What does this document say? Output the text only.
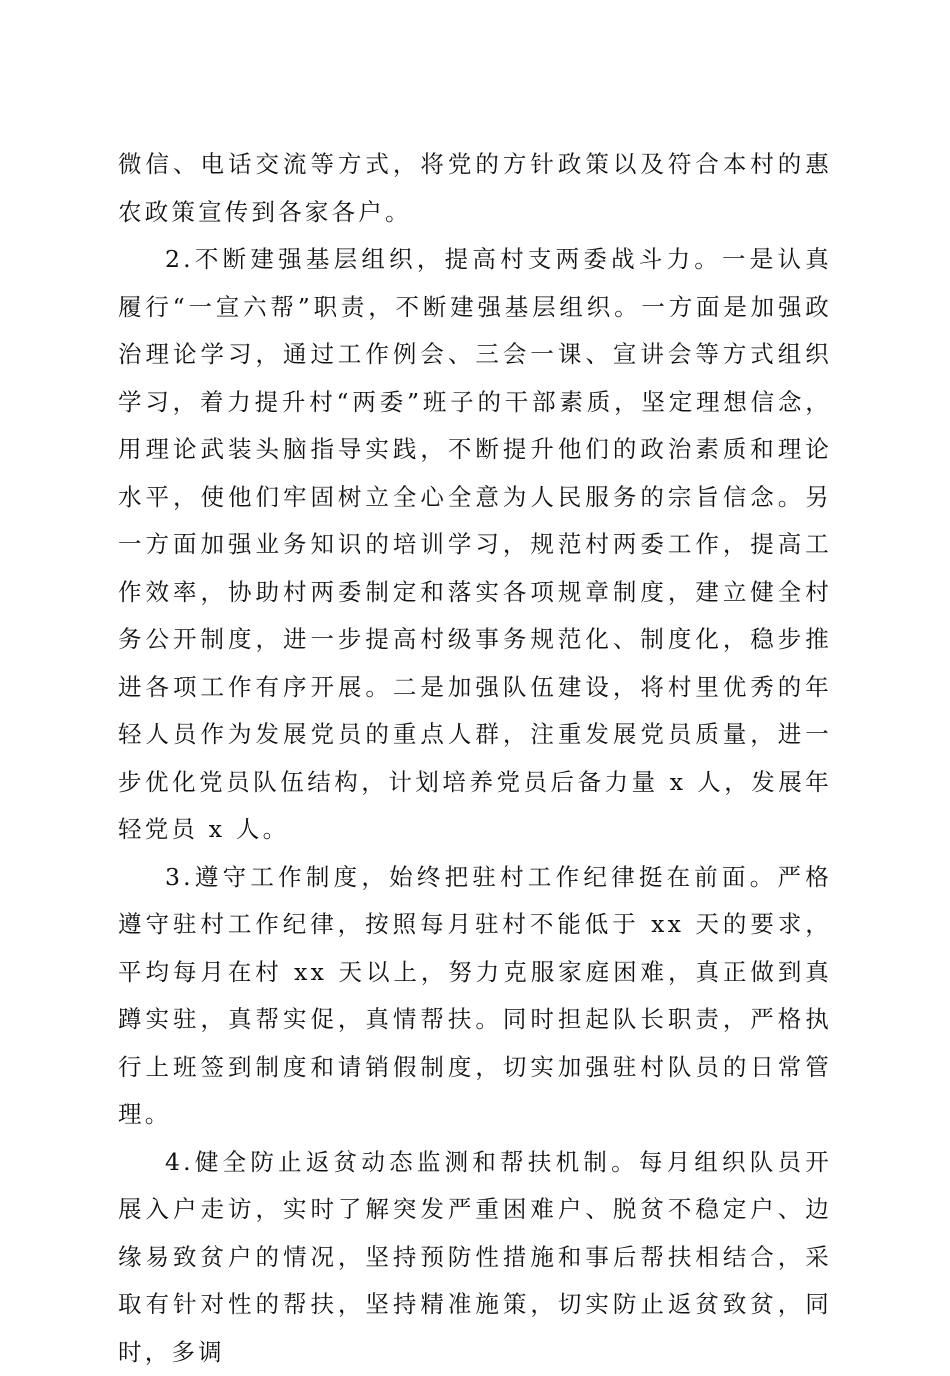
微信、电话交流等方式，将党的方针政策以及符合本村的惠农政策宣传到各家各户。

2.不断建强基层组织，提高村支两委战斗力。一是认真履行“一宣六帮”职责，不断建强基层组织。一方面是加强政治理论学习，通过工作例会、三会一课、宣讲会等方式组织学习，着力提升村“两委”班子的干部素质，坚定理想信念，用理论武装头脑指导实践，不断提升他们的政治素质和理论水平，使他们牢固树立全心全意为人民服务的宗旨信念。另一方面加强业务知识的培训学习，规范村两委工作，提高工作效率，协助村两委制定和落实各项规章制度，建立健全村务公开制度，进一步提高村级事务规范化、制度化，稳步推进各项工作有序开展。二是加强队伍建设，将村里优秀的年轻人员作为发展党员的重点人群，注重发展党员质量，进一步优化党员队伍结构，计划培养党员后备力量 x 人，发展年轻党员 x 人。

3.遵守工作制度，始终把驻村工作纪律挺在前面。严格遵守驻村工作纪律，按照每月驻村不能低于 xx 天的要求，平均每月在村 xx 天以上，努力克服家庭困难，真正做到真蹲实驻，真帮实促，真情帮扶。同时担起队长职责，严格执行上班签到制度和请销假制度，切实加强驻村队员的日常管理。

4.健全防止返贫动态监测和帮扶机制。每月组织队员开展入户走访，实时了解突发严重困难户、脱贫不稳定户、边缘易致贫户的情况，坚持预防性措施和事后帮扶相结合，采取有针对性的帮扶，坚持精准施策，切实防止返贫致贫，同时，多调
